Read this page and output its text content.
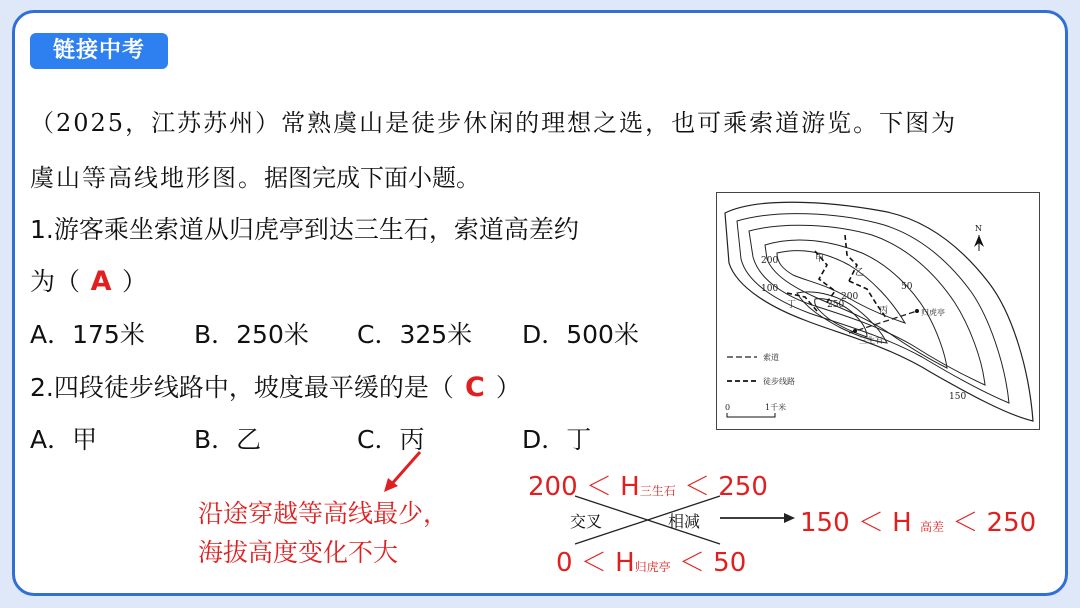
链接中考
（2025，江苏苏州）常熟虞山是徒步休闲的理想之选，也可乘索道游览。下图为
虞山等高线地形图。据图完成下面小题。
1.游客乘坐索道从归虎亭到达三生石，索道高差约
为（ A ）
A．175米 B．250米 C．325米 D．500米
2.四段徒步线路中，坡度最平缓的是（ C ）
A．甲	B．乙	C．丙	D．丁
沿途穿越等高线最少，
海拔高度变化不大
200 ＜ H三生石 ＜ 250
0 ＜ H归虎亭 ＜ 50
交叉	相减	150 ＜ H 高差 ＜ 250
N
200
100	50
150
250
200
甲
乙
丙
丁
归虎亭
三生石
索道
徒步线路
0	1千米
